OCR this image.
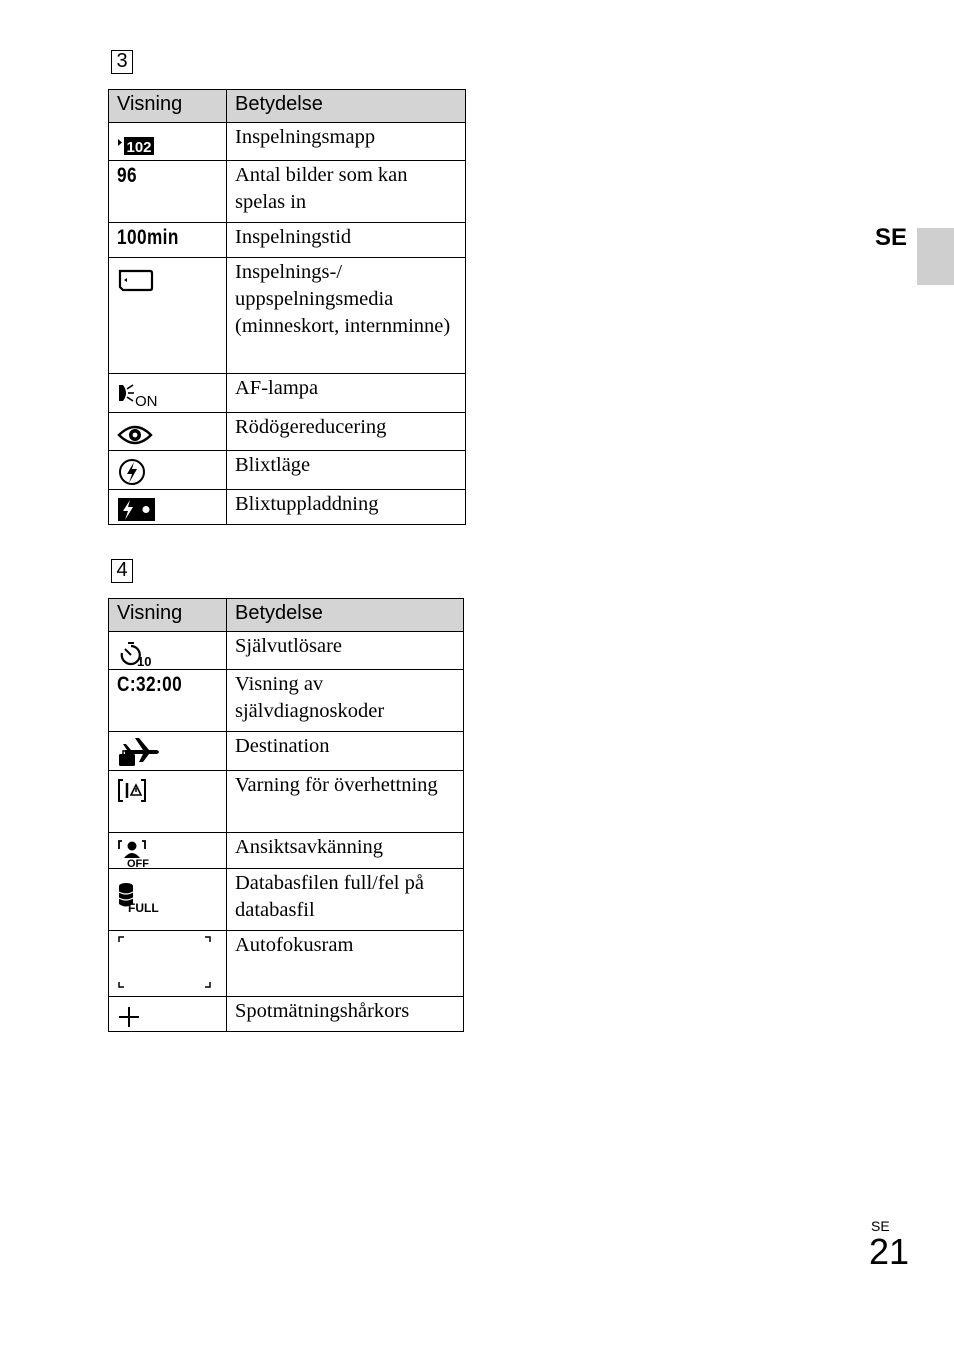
3
Visning	Betydelse

102	Inspelningsmapp
96	Antal bilder som kan spelas in
100min	Inspelningstid

	Inspelnings-/ uppspelningsmedia (minneskort, internminne)

ON	AF-lampa

	Rödögereducering

	Blixtläge

	Blixtuppladdning
4
Visning	Betydelse

10	Självutlösare
C:32:00	Visning av självdiagnoskoder

	Destination

	Varning för överhettning

OFF	Ansiktsavkänning

FULL	Databasfilen full/fel på databasfil

	Autofokusram

	Spotmätningshårkors
SE
SE
21
